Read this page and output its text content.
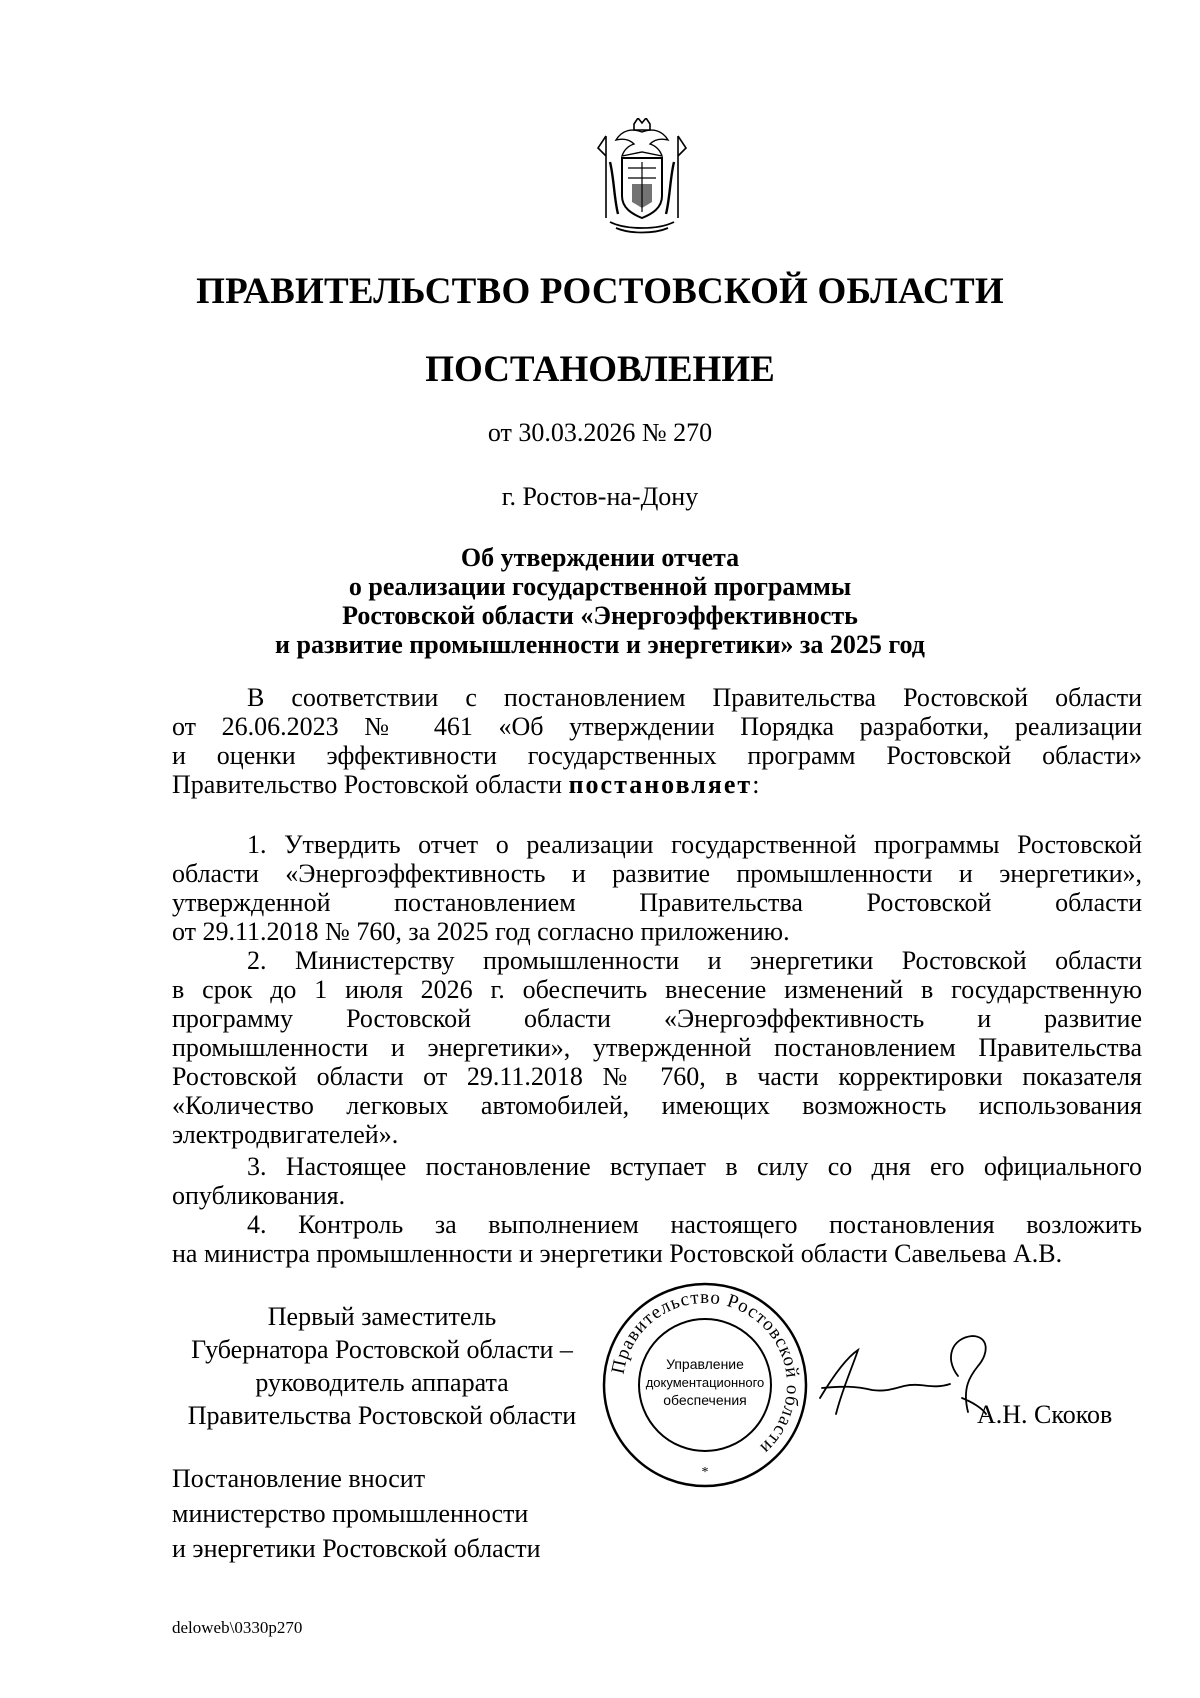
ПРАВИТЕЛЬСТВО РОСТОВСКОЙ ОБЛАСТИ
ПОСТАНОВЛЕНИЕ
от 30.03.2026 № 270
г. Ростов-на-Дону
Об утверждении отчета
о реализации государственной программы
Ростовской области «Энергоэффективность
и развитие промышленности и энергетики» за 2025 год
В соответствии с постановлением Правительства Ростовской области
от 26.06.2023 № 461 «Об утверждении Порядка разработки, реализации
и оценки эффективности государственных программ Ростовской области»
Правительство Ростовской области постановляет:
1. Утвердить отчет о реализации государственной программы Ростовской
области «Энергоэффективность и развитие промышленности и энергетики»,
утвержденной постановлением Правительства Ростовской области
от 29.11.2018 № 760, за 2025 год согласно приложению.
2. Министерству промышленности и энергетики Ростовской области
в срок до 1 июля 2026 г. обеспечить внесение изменений в государственную
программу Ростовской области «Энергоэффективность и развитие
промышленности и энергетики», утвержденной постановлением Правительства
Ростовской области от 29.11.2018 № 760, в части корректировки показателя
«Количество легковых автомобилей, имеющих возможность использования
электродвигателей».
3. Настоящее постановление вступает в силу со дня его официального
опубликования.
4. Контроль за выполнением настоящего постановления возложить
на министра промышленности и энергетики Ростовской области Савельева А.В.
Первый заместитель
Губернатора Ростовской области –
руководитель аппарата
Правительства Ростовской области
Правительство Ростовской области
*
Управление
документационного
обеспечения	А.Н. Скоков
Постановление вносит
министерство промышленности
и энергетики Ростовской области
deloweb\0330p270
